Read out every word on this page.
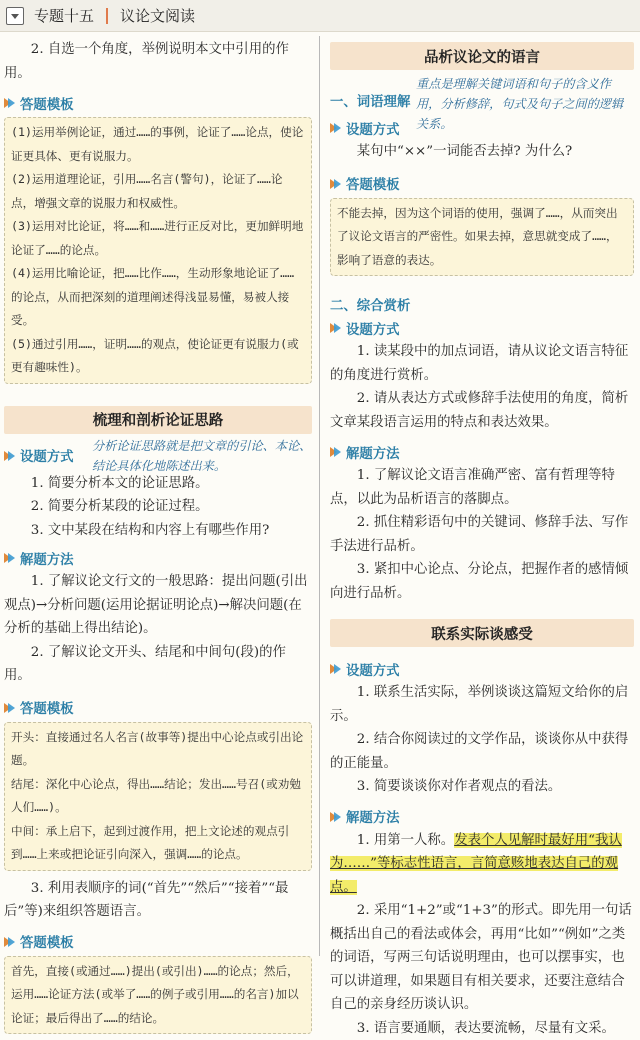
专题十五 议论文阅读
2. 自选一个角度，举例说明本文中引用的作用。
答题模板
(1)运用举例论证，通过……的事例，论证了……论点，使论证更具体、更有说服力。
(2)运用道理论证，引用……名言(警句)，论证了……论点，增强文章的说服力和权威性。
(3)运用对比论证，将……和……进行正反对比，更加鲜明地论证了……的论点。
(4)运用比喻论证，把……比作……，生动形象地论证了……的论点，从而把深刻的道理阐述得浅显易懂，易被人接受。
(5)通过引用……，证明……的观点，使论证更有说服力(或更有趣味性)。
梳理和剖析论证思路
设题方式
分析论证思路就是把文章的引论、本论、结论具体化地陈述出来。
1. 简要分析本文的论证思路。
2. 简要分析某段的论证过程。
3. 文中某段在结构和内容上有哪些作用?
解题方法
1. 了解议论文行文的一般思路：提出问题(引出观点)→分析问题(运用论据证明论点)→解决问题(在分析的基础上得出结论)。
2. 了解议论文开头、结尾和中间句(段)的作用。
答题模板
开头：直接通过名人名言(故事等)提出中心论点或引出论题。
结尾：深化中心论点，得出……结论；发出……号召(或劝勉人们……)。
中间：承上启下，起到过渡作用，把上文论述的观点引到……上来或把论证引向深入，强调……的论点。
3. 利用表顺序的词(“首先”“然后”“接着”“最后”等)来组织答题语言。
答题模板
首先，直接(或通过……)提出(或引出)……的论点；然后，运用……论证方法(或举了……的例子或引用……的名言)加以论证；最后得出了……的结论。
品析议论文的语言
一、词语理解
重点是理解关键词语和句子的含义作用，分析修辞，句式及句子之间的逻辑关系。
设题方式
某句中“××”一词能否去掉? 为什么?
答题模板
不能去掉，因为这个词语的使用，强调了……，从而突出了议论文语言的严密性。如果去掉，意思就变成了……，影响了语意的表达。
二、综合赏析
设题方式
1. 读某段中的加点词语，请从议论文语言特征的角度进行赏析。
2. 请从表达方式或修辞手法使用的角度，简析文章某段语言运用的特点和表达效果。
解题方法
1. 了解议论文语言准确严密、富有哲理等特点，以此为品析语言的落脚点。
2. 抓住精彩语句中的关键词、修辞手法、写作手法进行品析。
3. 紧扣中心论点、分论点，把握作者的感情倾向进行品析。
联系实际谈感受
设题方式
1. 联系生活实际，举例谈谈这篇短文给你的启示。
2. 结合你阅读过的文学作品，谈谈你从中获得的正能量。
3. 简要谈谈你对作者观点的看法。
解题方法
1. 用第一人称。发表个人见解时最好用“我认为……”等标志性语言，言简意赅地表达自己的观点。
2. 采用“1+2”或“1+3”的形式。即先用一句话概括出自己的看法或体会，再用“比如”“例如”之类的词语，写两三句话说明理由，也可以摆事实，也可以讲道理，如果题目有相关要求，还要注意结合自己的亲身经历谈认识。
3. 语言要通顺，表达要流畅，尽量有文采。
